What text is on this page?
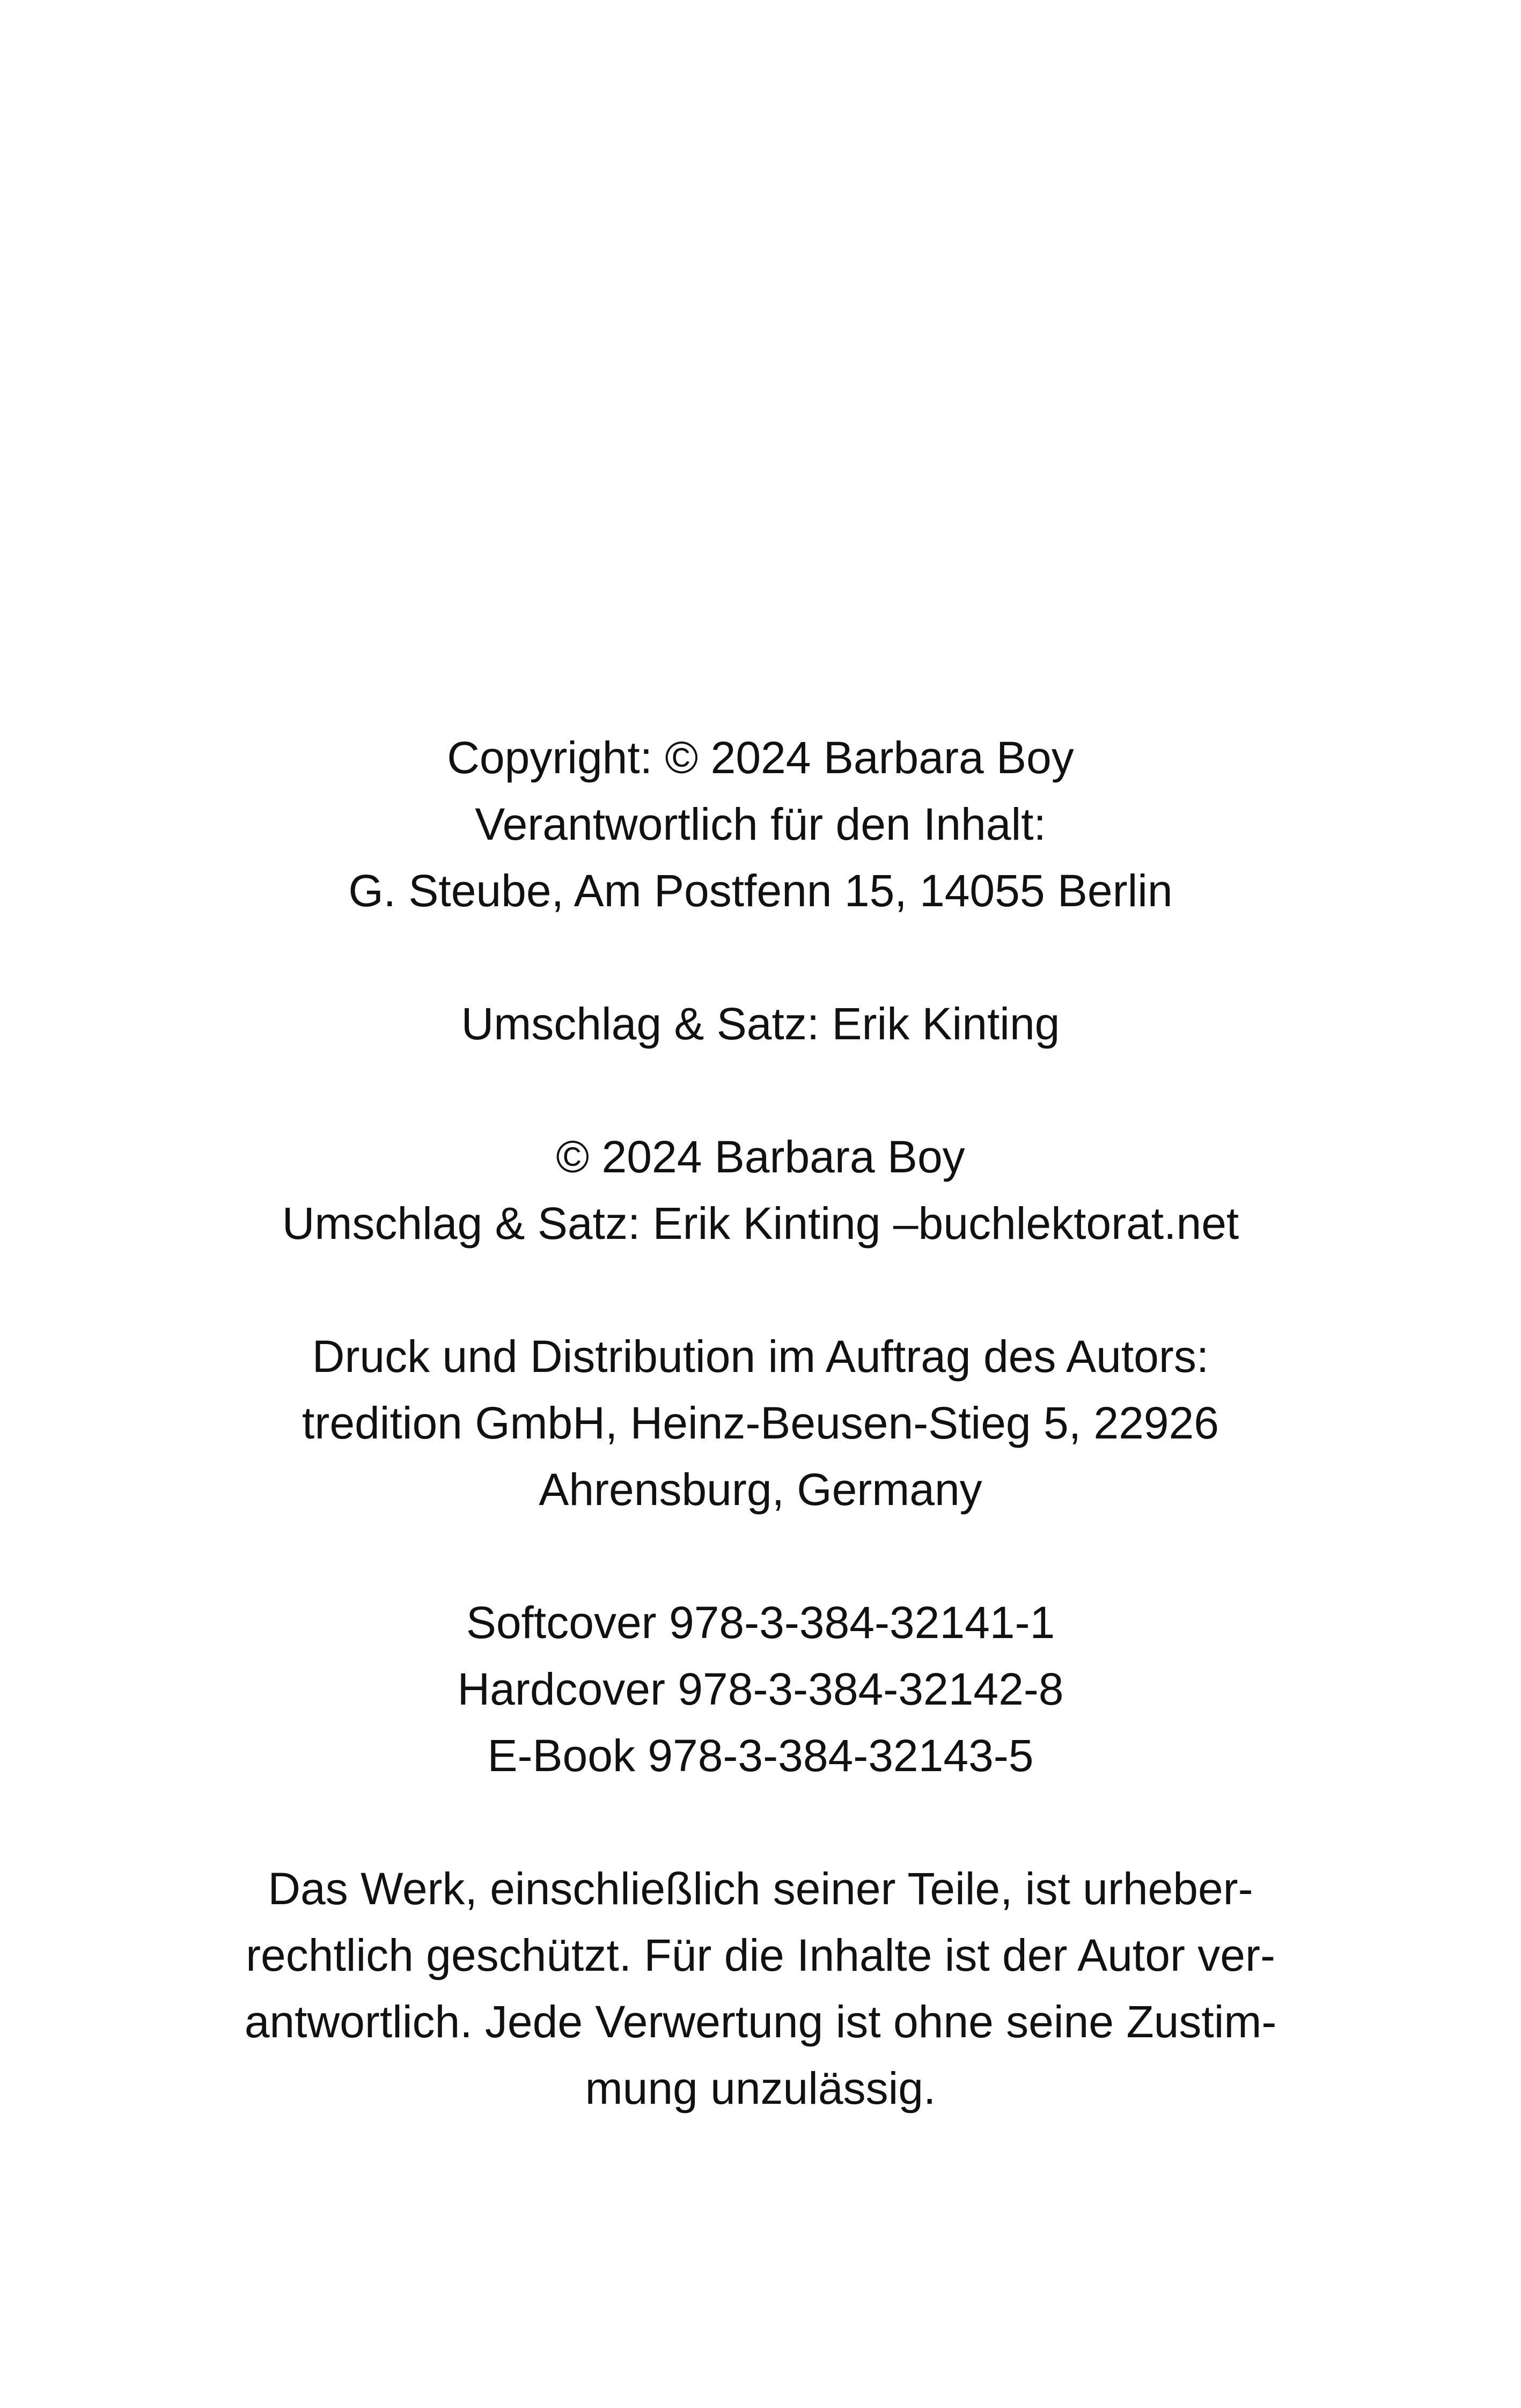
Copyright: © 2024 Barbara Boy

Verantwortlich für den Inhalt:

G. Steube, Am Postfenn 15, 14055 Berlin

Umschlag & Satz: Erik Kinting

© 2024 Barbara Boy

Umschlag & Satz: Erik Kinting –buchlektorat.net

Druck und Distribution im Auftrag des Autors:

tredition GmbH, Heinz-Beusen-Stieg 5, 22926

Ahrensburg, Germany

Softcover 978-3-384-32141-1

Hardcover 978-3-384-32142-8

E-Book 978-3-384-32143-5

Das Werk, einschließlich seiner Teile, ist urheber-

rechtlich geschützt. Für die Inhalte ist der Autor ver-

antwortlich. Jede Verwertung ist ohne seine Zustim-

mung unzulässig.
